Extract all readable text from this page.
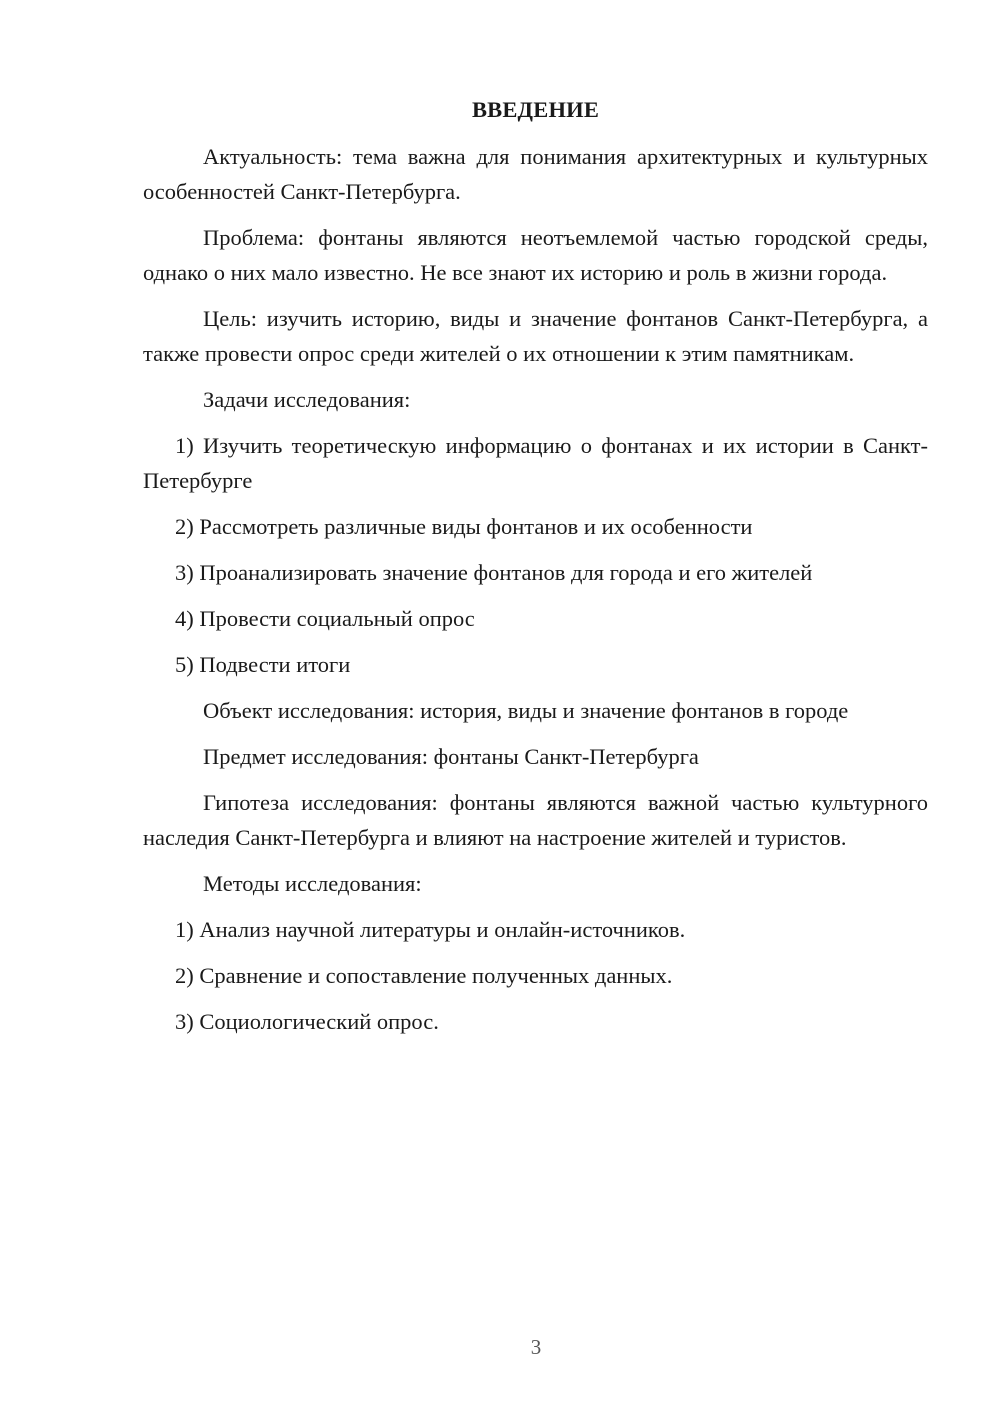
ВВЕДЕНИЕ

Актуальность: тема важна для понимания архитектурных и культурных особенностей Санкт-Петербурга.

Проблема: фонтаны являются неотъемлемой частью городской среды, однако о них мало известно. Не все знают их историю и роль в жизни города.

Цель: изучить историю, виды и значение фонтанов Санкт-Петербурга, а также провести опрос среди жителей о их отношении к этим памятникам.

Задачи исследования:

1) Изучить теоретическую информацию о фонтанах и их истории в Санкт-Петербурге

2) Рассмотреть различные виды фонтанов и их особенности

3) Проанализировать значение фонтанов для города и его жителей

4) Провести социальный опрос

5) Подвести итоги

Объект исследования: история, виды и значение фонтанов в городе

Предмет исследования: фонтаны Санкт-Петербурга

Гипотеза исследования: фонтаны являются важной частью культурного наследия Санкт-Петербурга и влияют на настроение жителей и туристов.

Методы исследования:

1) Анализ научной литературы и онлайн-источников.

2) Сравнение и сопоставление полученных данных.

3) Социологический опрос.

3
